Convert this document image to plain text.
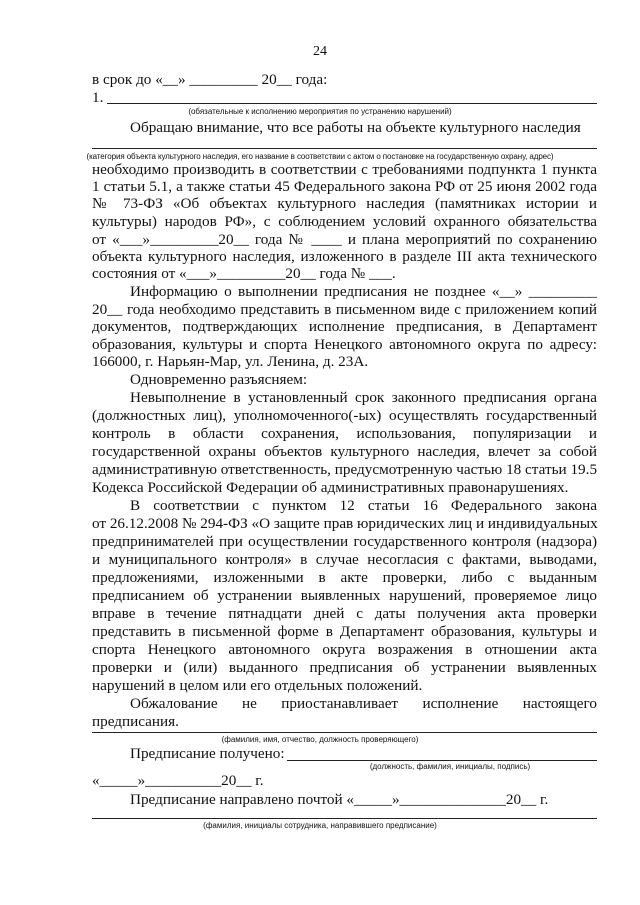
24
в срок до «__» _________ 20__ года:
1.
(обязательные к исполнению мероприятия по устранению нарушений)
Обращаю внимание, что все работы на объекте культурного наследия
(категория объекта культурного наследия, его название в соответствии с актом о постановке на государственную охрану, адрес)
необходимо производить в соответствии с требованиями подпункта 1 пункта
1 статьи 5.1, а также статьи 45 Федерального закона РФ от 25 июня 2002 года
№ 73-ФЗ «Об объектах культурного наследия (памятниках истории и
культуры) народов РФ», с соблюдением условий охранного обязательства
от «___»_________20__ года № ____ и плана мероприятий по сохранению
объекта культурного наследия, изложенного в разделе III акта технического
состояния от «___»_________20__ года № ___.
Информацию о выполнении предписания не позднее «__» _________
20__ года необходимо представить в письменном виде с приложением копий
документов, подтверждающих исполнение предписания, в Департамент
образования, культуры и спорта Ненецкого автономного округа по адресу:
166000, г. Нарьян-Мар, ул. Ленина, д. 23А.
Одновременно разъясняем:
Невыполнение в установленный срок законного предписания органа
(должностных лиц), уполномоченного(-ых) осуществлять государственный
контроль в области сохранения, использования, популяризации и
государственной охраны объектов культурного наследия, влечет за собой
административную ответственность, предусмотренную частью 18 статьи 19.5
Кодекса Российской Федерации об административных правонарушениях.
В соответствии с пунктом 12 статьи 16 Федерального закона
от 26.12.2008 № 294-ФЗ «О защите прав юридических лиц и индивидуальных
предпринимателей при осуществлении государственного контроля (надзора)
и муниципального контроля» в случае несогласия с фактами, выводами,
предложениями, изложенными в акте проверки, либо с выданным
предписанием об устранении выявленных нарушений, проверяемое лицо
вправе в течение пятнадцати дней с даты получения акта проверки
представить в письменной форме в Департамент образования, культуры и
спорта Ненецкого автономного округа возражения в отношении акта
проверки и (или) выданного предписания об устранении выявленных
нарушений в целом или его отдельных положений.
Обжалование не приостанавливает исполнение настоящего
предписания.
(фамилия, имя, отчество, должность проверяющего)
Предписание получено:
(должность, фамилия, инициалы, подпись)
«_____»__________20__ г.
Предписание направлено почтой «_____»______________20__ г.
(фамилия, инициалы сотрудника, направившего предписание)
